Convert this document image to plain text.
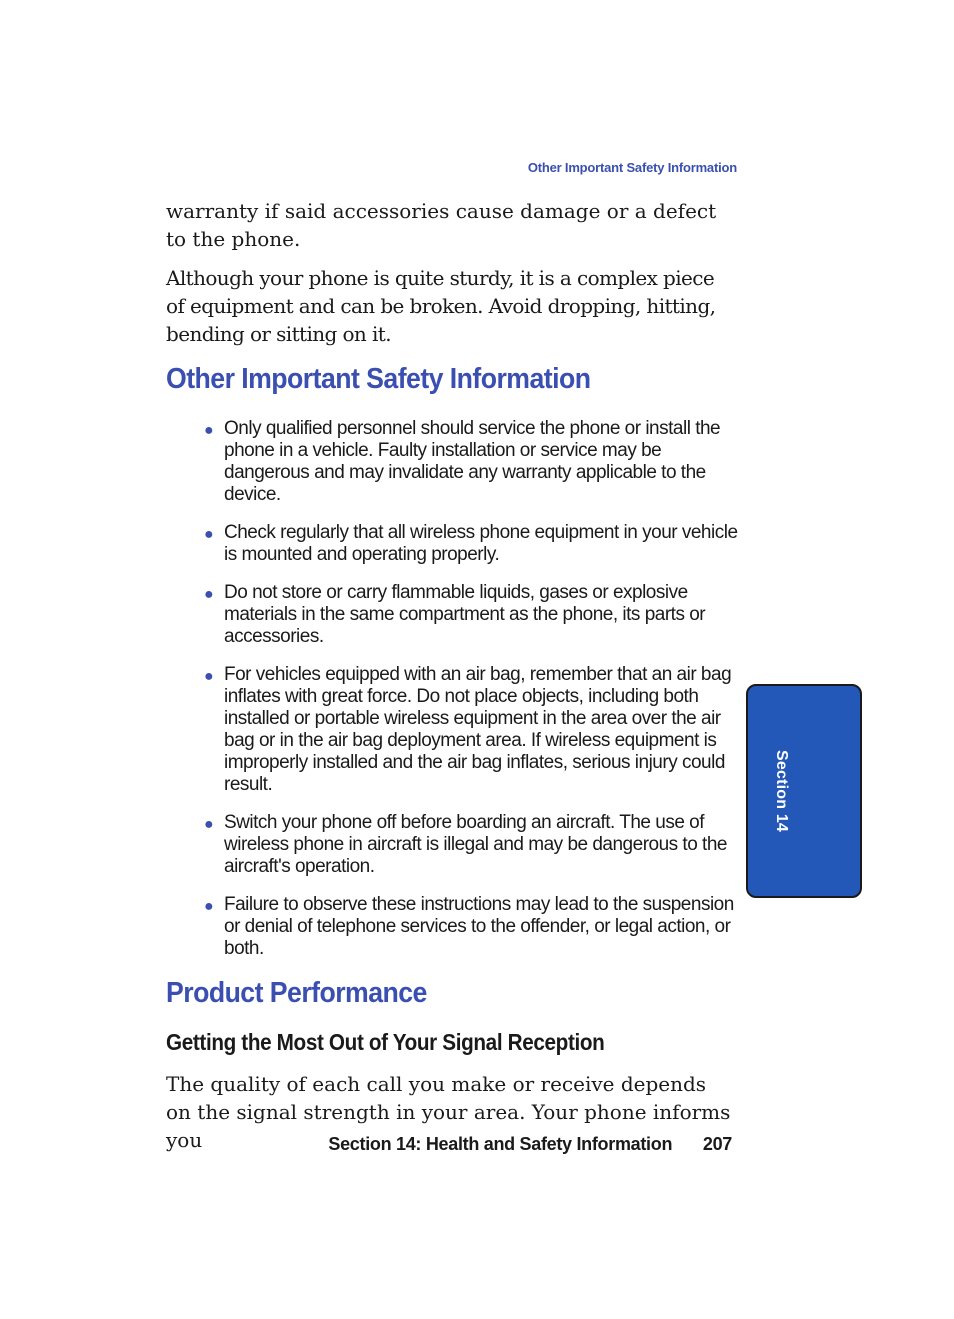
Other Important Safety Information

warranty if said accessories cause damage or a defect to the phone.

Although your phone is quite sturdy, it is a complex piece of equipment and can be broken. Avoid dropping, hitting, bending or sitting on it.

Other Important Safety Information
● Only qualified personnel should service the phone or install the phone in a vehicle. Faulty installation or service may be dangerous and may invalidate any warranty applicable to the device.
● Check regularly that all wireless phone equipment in your vehicle is mounted and operating properly.
● Do not store or carry flammable liquids, gases or explosive materials in the same compartment as the phone, its parts or accessories.
● For vehicles equipped with an air bag, remember that an air bag inflates with great force. Do not place objects, including both installed or portable wireless equipment in the area over the air bag or in the air bag deployment area. If wireless equipment is improperly installed and the air bag inflates, serious injury could result.
● Switch your phone off before boarding an aircraft. The use of wireless phone in aircraft is illegal and may be dangerous to the aircraft's operation.
● Failure to observe these instructions may lead to the suspension or denial of telephone services to the offender, or legal action, or both.
Product Performance
Getting the Most Out of Your Signal Reception

The quality of each call you make or receive depends on the signal strength in your area. Your phone informs you	Section 14: Health and Safety Information 207
Section 14
